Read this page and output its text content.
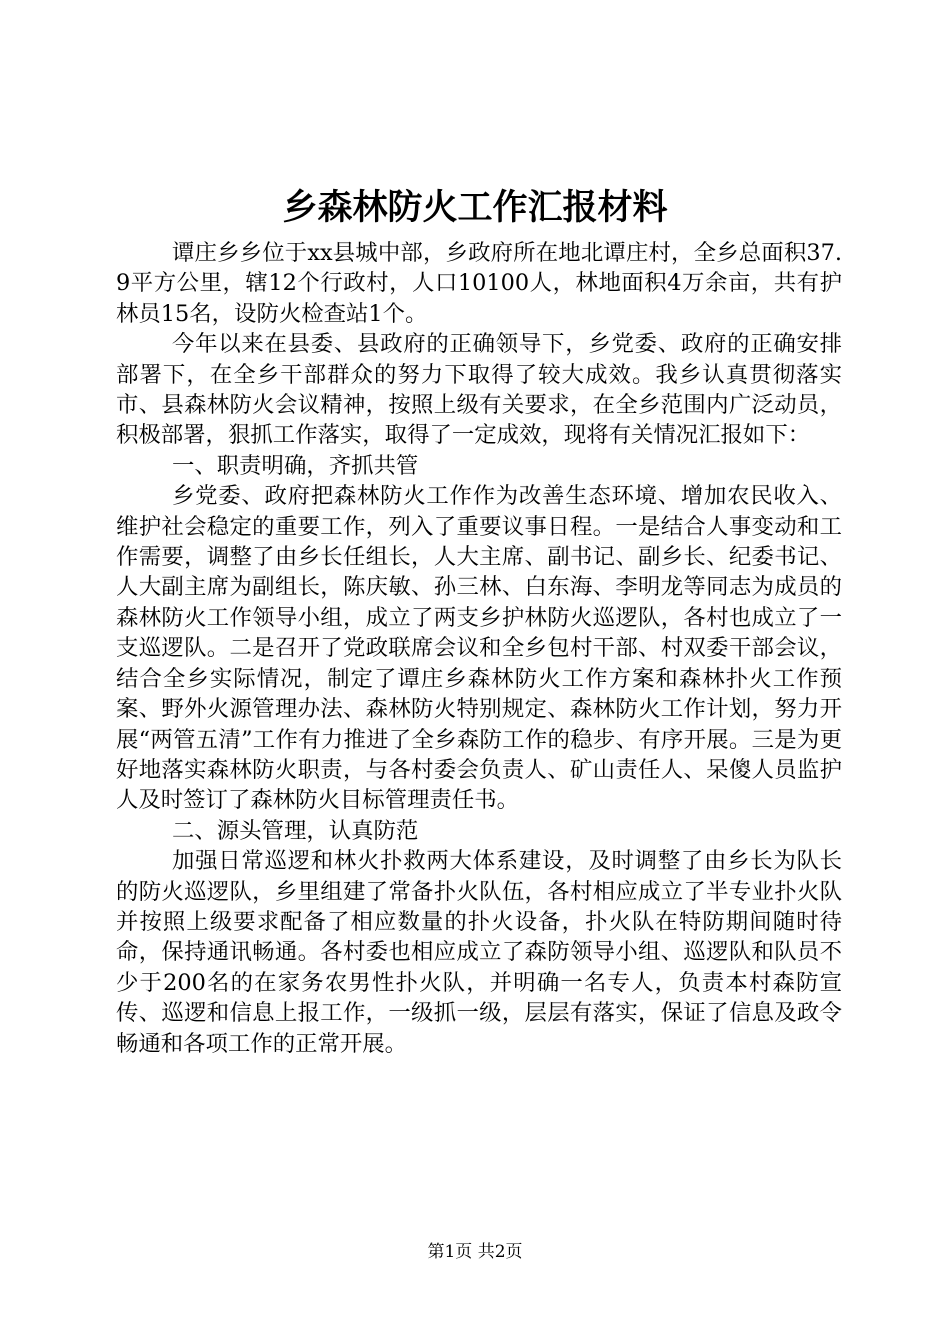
乡森林防火工作汇报材料

谭庄乡乡位于xx县城中部，乡政府所在地北谭庄村，全乡总面积37.9平方公里，辖12个行政村，人口10100人，林地面积4万余亩，共有护林员15名，设防火检查站1个。

今年以来在县委、县政府的正确领导下，乡党委、政府的正确安排部署下，在全乡干部群众的努力下取得了较大成效。我乡认真贯彻落实市、县森林防火会议精神，按照上级有关要求，在全乡范围内广泛动员，积极部署，狠抓工作落实，取得了一定成效，现将有关情况汇报如下：

一、职责明确，齐抓共管

乡党委、政府把森林防火工作作为改善生态环境、增加农民收入、维护社会稳定的重要工作，列入了重要议事日程。一是结合人事变动和工作需要，调整了由乡长任组长，人大主席、副书记、副乡长、纪委书记、人大副主席为副组长，陈庆敏、孙三林、白东海、李明龙等同志为成员的森林防火工作领导小组，成立了两支乡护林防火巡逻队，各村也成立了一支巡逻队。二是召开了党政联席会议和全乡包村干部、村双委干部会议，结合全乡实际情况，制定了谭庄乡森林防火工作方案和森林扑火工作预案、野外火源管理办法、森林防火特别规定、森林防火工作计划，努力开展“两管五清”工作有力推进了全乡森防工作的稳步、有序开展。三是为更好地落实森林防火职责，与各村委会负责人、矿山责任人、呆傻人员监护人及时签订了森林防火目标管理责任书。

二、源头管理，认真防范

加强日常巡逻和林火扑救两大体系建设，及时调整了由乡长为队长的防火巡逻队，乡里组建了常备扑火队伍，各村相应成立了半专业扑火队并按照上级要求配备了相应数量的扑火设备，扑火队在特防期间随时待命，保持通讯畅通。各村委也相应成立了森防领导小组、巡逻队和队员不少于200名的在家务农男性扑火队，并明确一名专人，负责本村森防宣传、巡逻和信息上报工作，一级抓一级，层层有落实，保证了信息及政令畅通和各项工作的正常开展。

第1页 共2页
